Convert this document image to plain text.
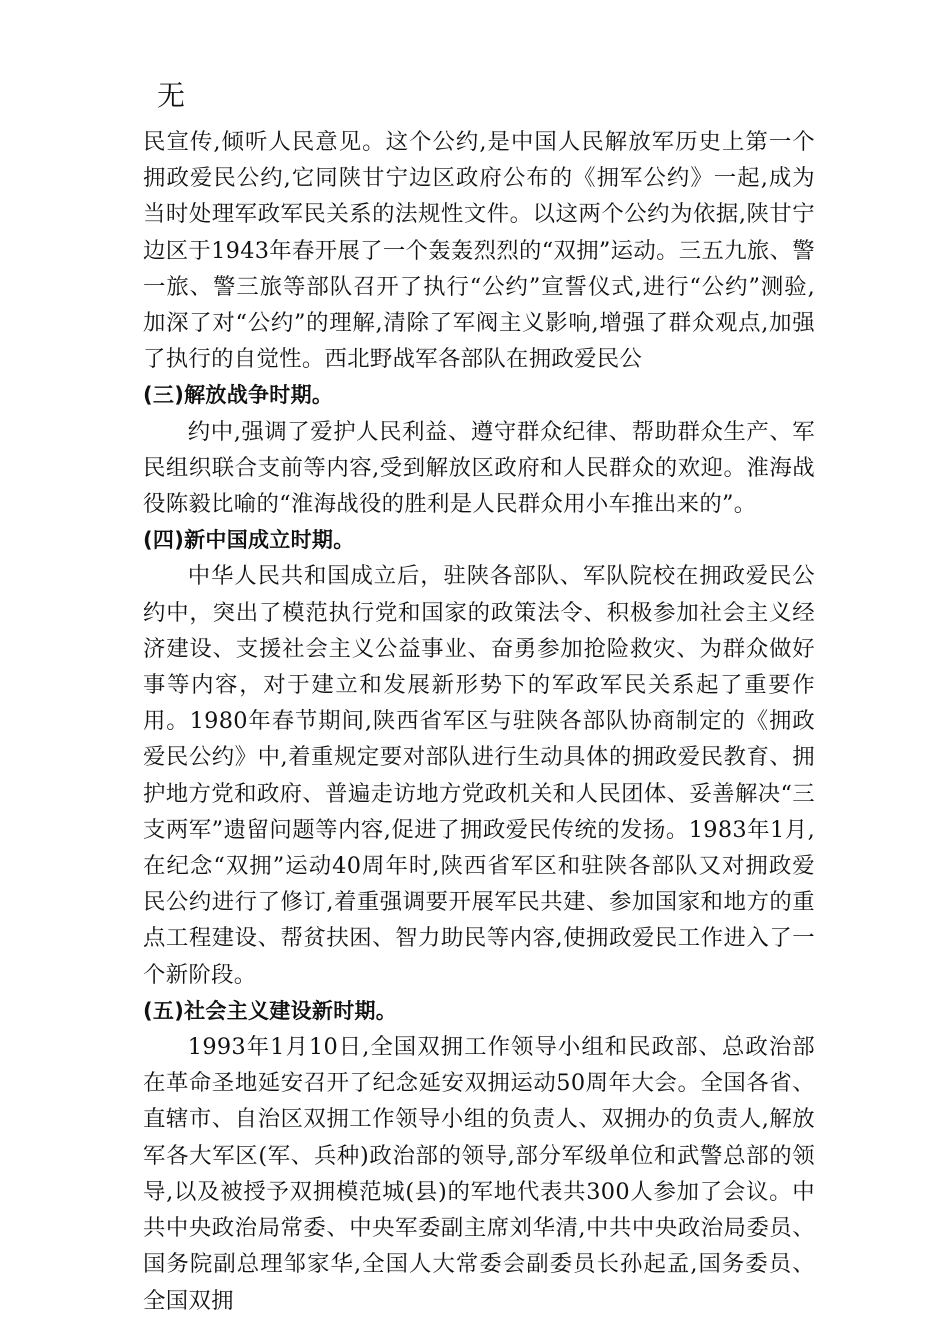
无

民宣传,倾听人民意见。这个公约,是中国人民解放军历史上第一个拥政爱民公约,它同陕甘宁边区政府公布的《拥军公约》一起,成为当时处理军政军民关系的法规性文件。以这两个公约为依据,陕甘宁边区于1943年春开展了一个轰轰烈烈的“双拥”运动。三五九旅、警一旅、警三旅等部队召开了执行“公约”宣誓仪式,进行“公约”测验,加深了对“公约”的理解,清除了军阀主义影响,增强了群众观点,加强了执行的自觉性。西北野战军各部队在拥政爱民公

(三)解放战争时期。

约中,强调了爱护人民利益、遵守群众纪律、帮助群众生产、军民组织联合支前等内容,受到解放区政府和人民群众的欢迎。淮海战役陈毅比喻的“淮海战役的胜利是人民群众用小车推出来的”。

(四)新中国成立时期。

中华人民共和国成立后，驻陕各部队、军队院校在拥政爱民公约中，突出了模范执行党和国家的政策法令、积极参加社会主义经济建设、支援社会主义公益事业、奋勇参加抢险救灾、为群众做好事等内容，对于建立和发展新形势下的军政军民关系起了重要作用。1980年春节期间,陕西省军区与驻陕各部队协商制定的《拥政爱民公约》中,着重规定要对部队进行生动具体的拥政爱民教育、拥护地方党和政府、普遍走访地方党政机关和人民团体、妥善解决“三支两军”遗留问题等内容,促进了拥政爱民传统的发扬。1983年1月,在纪念“双拥”运动40周年时,陕西省军区和驻陕各部队又对拥政爱民公约进行了修订,着重强调要开展军民共建、参加国家和地方的重点工程建设、帮贫扶困、智力助民等内容,使拥政爱民工作进入了一个新阶段。

(五)社会主义建设新时期。

1993年1月10日,全国双拥工作领导小组和民政部、总政治部在革命圣地延安召开了纪念延安双拥运动50周年大会。全国各省、直辖市、自治区双拥工作领导小组的负责人、双拥办的负责人,解放军各大军区(军、兵种)政治部的领导,部分军级单位和武警总部的领导,以及被授予双拥模范城(县)的军地代表共300人参加了会议。中共中央政治局常委、中央军委副主席刘华清,中共中央政治局委员、国务院副总理邹家华,全国人大常委会副委员长孙起孟,国务委员、全国双拥
